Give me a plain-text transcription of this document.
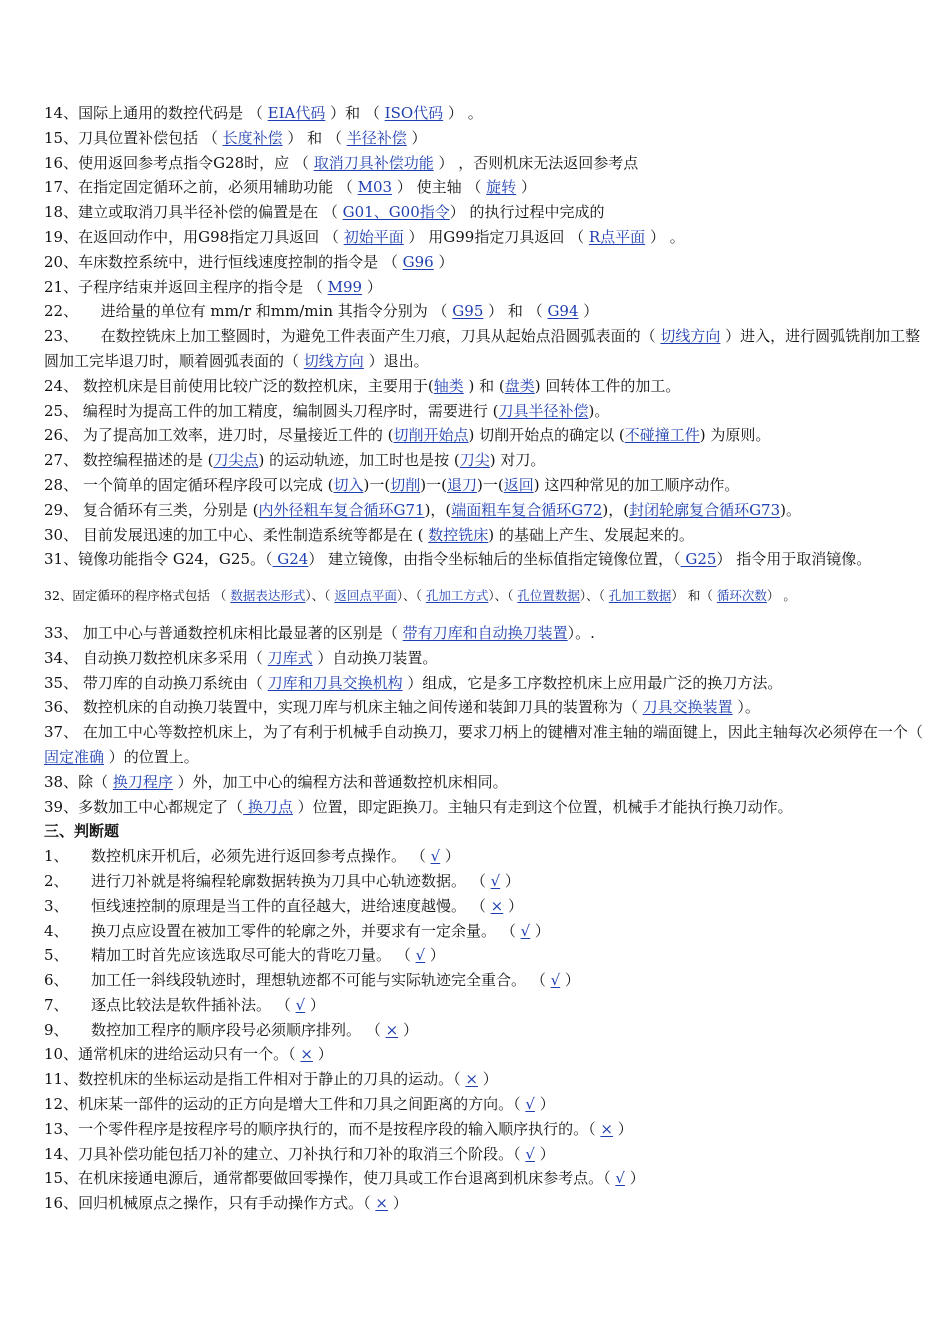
14、国际上通用的数控代码是 （ EIA代码 ）和 （ ISO代码 ） 。
15、刀具位置补偿包括 （ 长度补偿 ） 和 （ 半径补偿 ）
16、使用返回参考点指令G28时，应 （ 取消刀具补偿功能 ） ，否则机床无法返回参考点
17、在指定固定循环之前，必须用辅助功能 （ M03 ） 使主轴 （ 旋转 ）
18、建立或取消刀具半径补偿的偏置是在 （ G01、G00指令） 的执行过程中完成的
19、在返回动作中，用G98指定刀具返回 （ 初始平面 ） 用G99指定刀具返回 （ R点平面 ） 。
20、车床数控系统中，进行恒线速度控制的指令是 （ G96 ）
21、子程序结束并返回主程序的指令是 （ M99 ）
22、　　进给量的单位有 mm/r 和mm/min 其指令分别为 （ G95 ） 和 （ G94 ）
23、　　在数控铣床上加工整圆时，为避免工件表面产生刀痕，刀具从起始点沿圆弧表面的（ 切线方向 ）进入，进行圆弧铣削加工整圆加工完毕退刀时，顺着圆弧表面的（ 切线方向 ）退出。
24、 数控机床是目前使用比较广泛的数控机床，主要用于(轴类 ) 和 (盘类) 回转体工件的加工。
25、 编程时为提高工件的加工精度，编制圆头刀程序时，需要进行 (刀具半径补偿)。
26、 为了提高加工效率，进刀时，尽量接近工件的 (切削开始点) 切削开始点的确定以 (不碰撞工件) 为原则。
27、 数控编程描述的是 (刀尖点) 的运动轨迹，加工时也是按 (刀尖) 对刀。
28、 一个简单的固定循环程序段可以完成 (切入)一(切削)一(退刀)一(返回) 这四种常见的加工顺序动作。
29、 复合循环有三类，分别是 (内外径粗车复合循环G71)，(端面粗车复合循环G72)，(封闭轮廓复合循环G73)。
30、 目前发展迅速的加工中心、柔性制造系统等都是在 ( 数控铣床) 的基础上产生、发展起来的。
31、镜像功能指令 G24，G25。（ G24） 建立镜像，由指令坐标轴后的坐标值指定镜像位置，（ G25） 指令用于取消镜像。
32、固定循环的程序格式包括 （ 数据表达形式）、（ 返回点平面）、（ 孔加工方式）、（ 孔位置数据）、（ 孔加工数据） 和（ 循环次数） 。
33、 加工中心与普通数控机床相比最显著的区别是（ 带有刀库和自动换刀装置）。.
34、 自动换刀数控机床多采用（ 刀库式 ）自动换刀装置。
35、 带刀库的自动换刀系统由（ 刀库和刀具交换机构 ）组成，它是多工序数控机床上应用最广泛的换刀方法。
36、 数控机床的自动换刀装置中，实现刀库与机床主轴之间传递和装卸刀具的装置称为（ 刀具交换装置 ）。
37、 在加工中心等数控机床上，为了有利于机械手自动换刀，要求刀柄上的键槽对准主轴的端面键上，因此主轴每次必须停在一个（ 固定准确 ）的位置上。
38、除（ 换刀程序 ）外，加工中心的编程方法和普通数控机床相同。
39、多数加工中心都规定了（ 换刀点 ）位置，即定距换刀。主轴只有走到这个位置，机械手才能执行换刀动作。
三、判断题
1、　　数控机床开机后，必须先进行返回参考点操作。 （ √ ）
2、　　进行刀补就是将编程轮廓数据转换为刀具中心轨迹数据。 （ √ ）
3、　　恒线速控制的原理是当工件的直径越大，进给速度越慢。 （ × ）
4、　　换刀点应设置在被加工零件的轮廓之外，并要求有一定余量。 （ √ ）
5、　　精加工时首先应该选取尽可能大的背吃刀量。 （ √ ）
6、　　加工任一斜线段轨迹时，理想轨迹都不可能与实际轨迹完全重合。 （ √ ）
7、　　逐点比较法是软件插补法。 （ √ ）
9、　　数控加工程序的顺序段号必须顺序排列。 （ × ）
10、通常机床的进给运动只有一个。（ × ）
11、数控机床的坐标运动是指工件相对于静止的刀具的运动。（ × ）
12、机床某一部件的运动的正方向是增大工件和刀具之间距离的方向。（ √ ）
13、一个零件程序是按程序号的顺序执行的，而不是按程序段的输入顺序执行的。（ × ）
14、刀具补偿功能包括刀补的建立、刀补执行和刀补的取消三个阶段。（ √ ）
15、在机床接通电源后，通常都要做回零操作，使刀具或工作台退离到机床参考点。（ √ ）
16、回归机械原点之操作，只有手动操作方式。（ × ）
